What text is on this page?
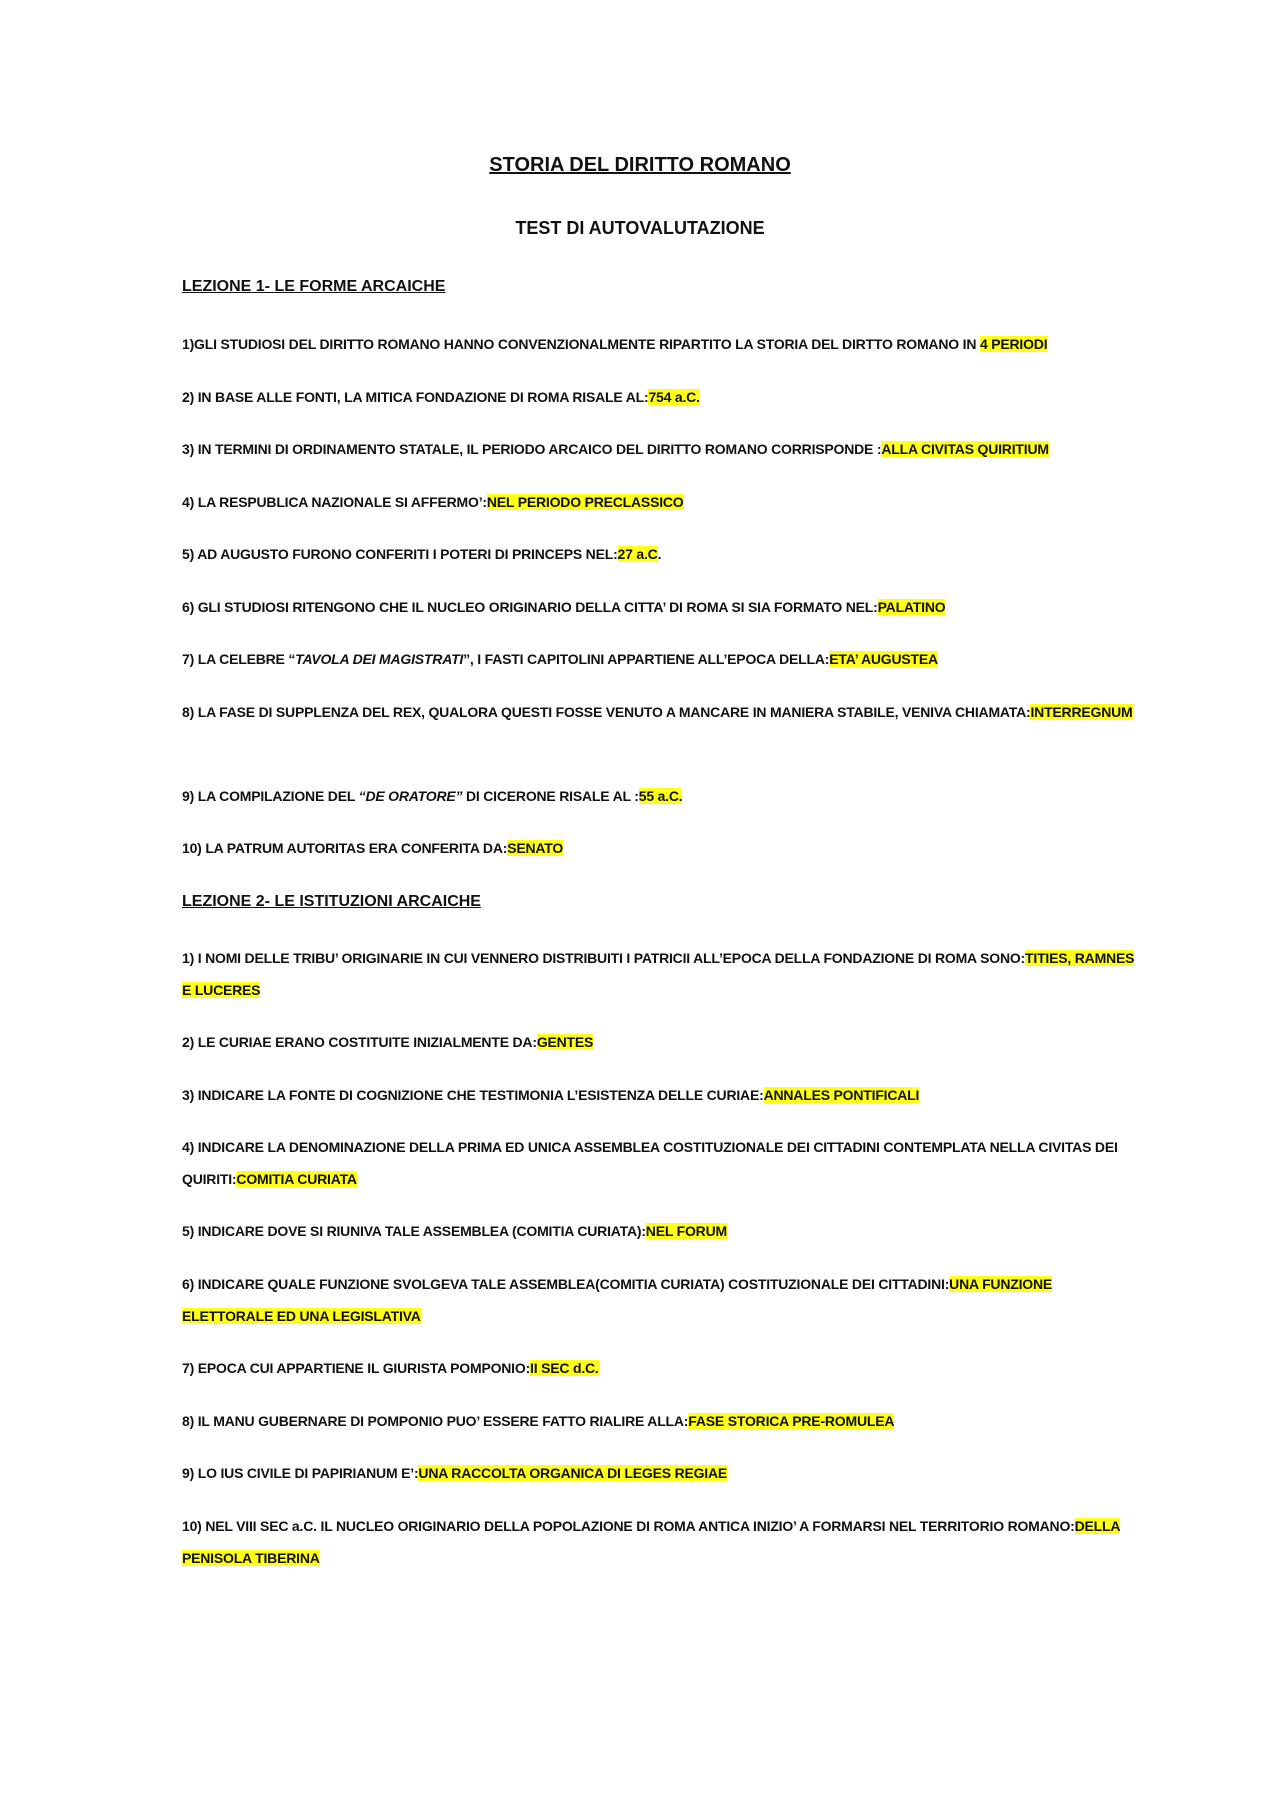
STORIA DEL DIRITTO ROMANO
TEST DI AUTOVALUTAZIONE
LEZIONE 1- LE FORME ARCAICHE

1)GLI STUDIOSI DEL DIRITTO ROMANO HANNO CONVENZIONALMENTE RIPARTITO LA STORIA DEL DIRTTO ROMANO IN 4 PERIODI

2) IN BASE ALLE FONTI, LA MITICA FONDAZIONE DI ROMA RISALE AL:754 a.C.

3) IN TERMINI DI ORDINAMENTO STATALE, IL PERIODO ARCAICO DEL DIRITTO ROMANO CORRISPONDE :ALLA CIVITAS QUIRITIUM

4) LA RESPUBLICA NAZIONALE SI AFFERMO’:NEL PERIODO PRECLASSICO

5) AD AUGUSTO FURONO CONFERITI I POTERI DI PRINCEPS NEL:27 a.C.

6) GLI STUDIOSI RITENGONO CHE IL NUCLEO ORIGINARIO DELLA CITTA’ DI ROMA SI SIA FORMATO NEL:PALATINO

7) LA CELEBRE “TAVOLA DEI MAGISTRATI”, I FASTI CAPITOLINI APPARTIENE ALL’EPOCA DELLA:ETA’ AUGUSTEA

8) LA FASE DI SUPPLENZA DEL REX, QUALORA QUESTI FOSSE VENUTO A MANCARE IN MANIERA STABILE, VENIVA CHIAMATA:INTERREGNUM

9) LA COMPILAZIONE DEL “DE ORATORE” DI CICERONE RISALE AL :55 a.C.

10) LA PATRUM AUTORITAS ERA CONFERITA DA:SENATO

LEZIONE 2- LE ISTITUZIONI ARCAICHE

1) I NOMI DELLE TRIBU’ ORIGINARIE IN CUI VENNERO DISTRIBUITI I PATRICII ALL’EPOCA DELLA FONDAZIONE DI ROMA SONO:TITIES, RAMNES E LUCERES

2) LE CURIAE ERANO COSTITUITE INIZIALMENTE DA:GENTES

3) INDICARE LA FONTE DI COGNIZIONE CHE TESTIMONIA L’ESISTENZA DELLE CURIAE:ANNALES PONTIFICALI

4) INDICARE LA DENOMINAZIONE DELLA PRIMA ED UNICA ASSEMBLEA COSTITUZIONALE DEI CITTADINI CONTEMPLATA NELLA CIVITAS DEI QUIRITI:COMITIA CURIATA

5) INDICARE DOVE SI RIUNIVA TALE ASSEMBLEA (COMITIA CURIATA):NEL FORUM

6) INDICARE QUALE FUNZIONE SVOLGEVA TALE ASSEMBLEA(COMITIA CURIATA) COSTITUZIONALE DEI CITTADINI:UNA FUNZIONE ELETTORALE ED UNA LEGISLATIVA

7) EPOCA CUI APPARTIENE IL GIURISTA POMPONIO:II SEC d.C.

8) IL MANU GUBERNARE DI POMPONIO PUO’ ESSERE FATTO RIALIRE ALLA:FASE STORICA PRE-ROMULEA

9) LO IUS CIVILE DI PAPIRIANUM E’:UNA RACCOLTA ORGANICA DI LEGES REGIAE

10) NEL VIII SEC a.C. IL NUCLEO ORIGINARIO DELLA POPOLAZIONE DI ROMA ANTICA INIZIO’ A FORMARSI NEL TERRITORIO ROMANO:DELLA PENISOLA TIBERINA
